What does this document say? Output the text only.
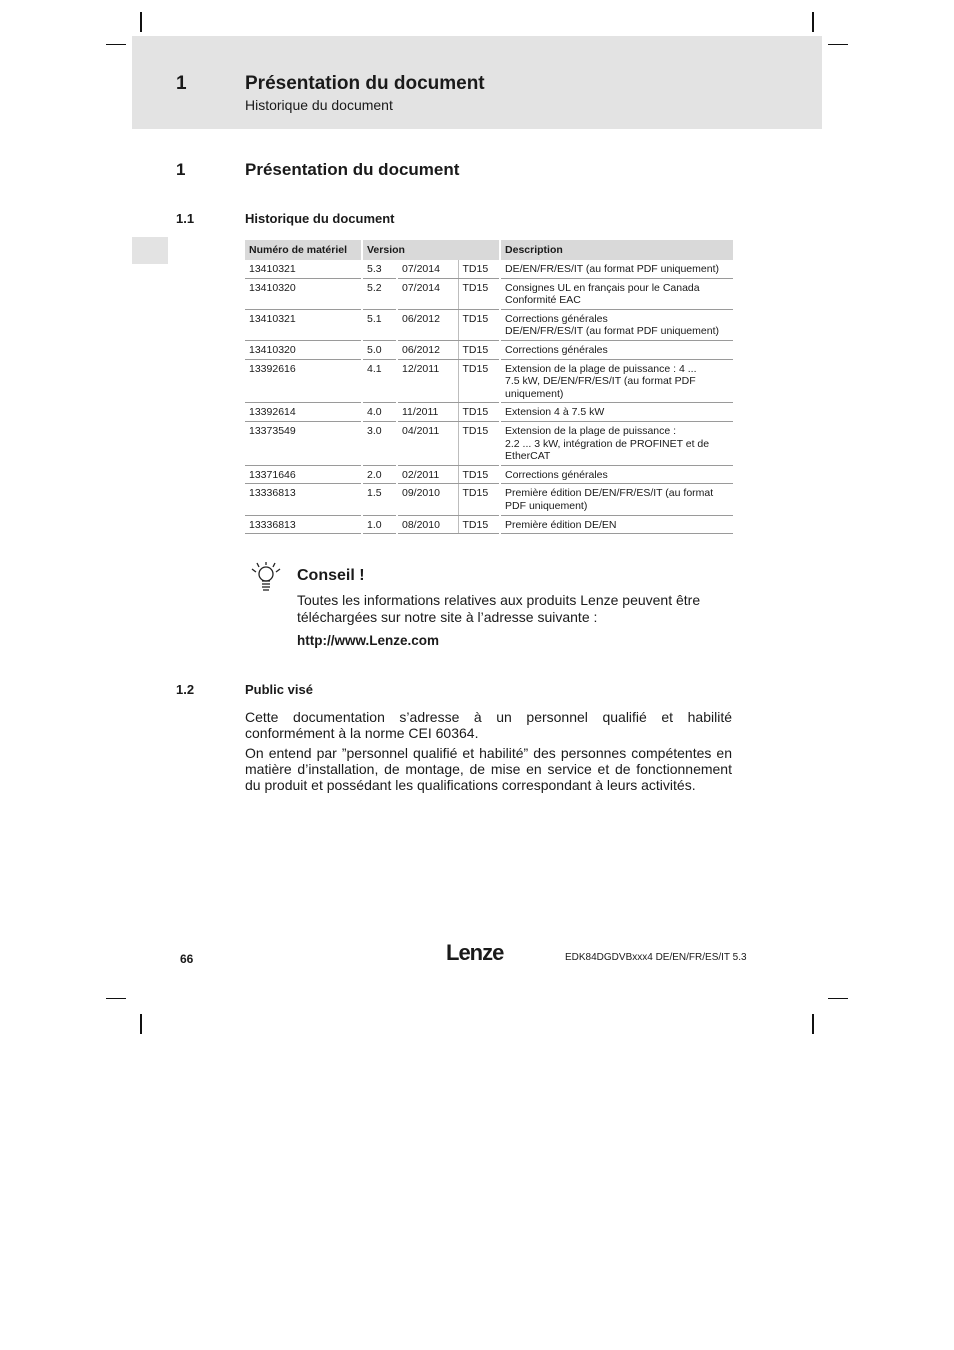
1	Présentation du document
Historique du document
1	Présentation du document
1.1	Historique du document
Numéro de matériel	Version			Description
13410321	5.3	07/2014	TD15	DE/EN/FR/ES/IT (au format PDF uniquement)
13410320	5.2	07/2014	TD15	Consignes UL en français pour le Canada
Conformité EAC
13410321	5.1	06/2012	TD15	Corrections générales
DE/EN/FR/ES/IT (au format PDF uniquement)
13410320	5.0	06/2012	TD15	Corrections générales
13392616	4.1	12/2011	TD15	Extension de la plage de puissance : 4 ...
7.5 kW, DE/EN/FR/ES/IT (au format PDF
uniquement)
13392614	4.0	11/2011	TD15	Extension 4 à 7.5 kW
13373549	3.0	04/2011	TD15	Extension de la plage de puissance :
2.2 ... 3 kW, intégration de PROFINET et de
EtherCAT
13371646	2.0	02/2011	TD15	Corrections générales
13336813	1.5	09/2010	TD15	Première édition DE/EN/FR/ES/IT (au format
PDF uniquement)
13336813	1.0	08/2010	TD15	Première édition DE/EN
Conseil !
Toutes les informations relatives aux produits Lenze peuvent être téléchargées sur notre site à l’adresse suivante :
http://www.Lenze.com
1.2	Public visé
Cette documentation s’adresse à un personnel qualifié et habilité conformément à la norme CEI 60364.
On entend par ”personnel qualifié et habilité” des personnes compétentes en matière d’installation, de montage, de mise en service et de fonctionnement du produit et possédant les qualifications correspondant à leurs activités.
66	Lenze	EDK84DGDVBxxx4 DE/EN/FR/ES/IT 5.3
